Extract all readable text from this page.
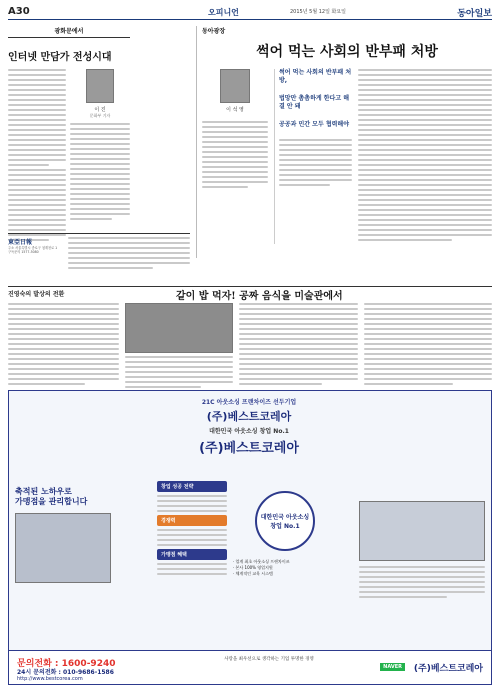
A30	오피니언	2015년 5월 12일 화요일	동아일보
광화문에서
인터넷 만담가 전성시대
이 진
문화부 기자
동아광장
썩어 먹는 사회의 반부패 처방
이 석 영
썩어 먹는 사회의 반부패 처방,
법망만 촘촘하게 한다고 해결 안 돼
공공과 민간 모두 협력해야
東亞日報
주소 서울특별시 종로구 청계천로 1
구독문의 1577-5080
진영숙의 발상의 전환	같이 밥 먹자! 공짜 음식을 미술관에서
21C 아웃소싱 프랜차이즈 선두기업
(주)베스트코레아
대한민국 아웃소싱 창업 No.1
(주)베스트코레아
축적된 노하우로
가맹점을 관리합니다
창업 성공 전략
경쟁력
가맹점 혜택
대한민국 아웃소싱 창업 No.1
· 업계 최초 아웃소싱 프랜차이즈
· 본사 100% 영업지원
· 체계적인 교육 시스템
문의전화 : 1600-9240
24시 문의전화 : 010-9686-1586
http://www.bestcorea.com
사랑을 최우선으로 생각하는 기업 투명한 경영
NAVER	(주)베스트코레아
